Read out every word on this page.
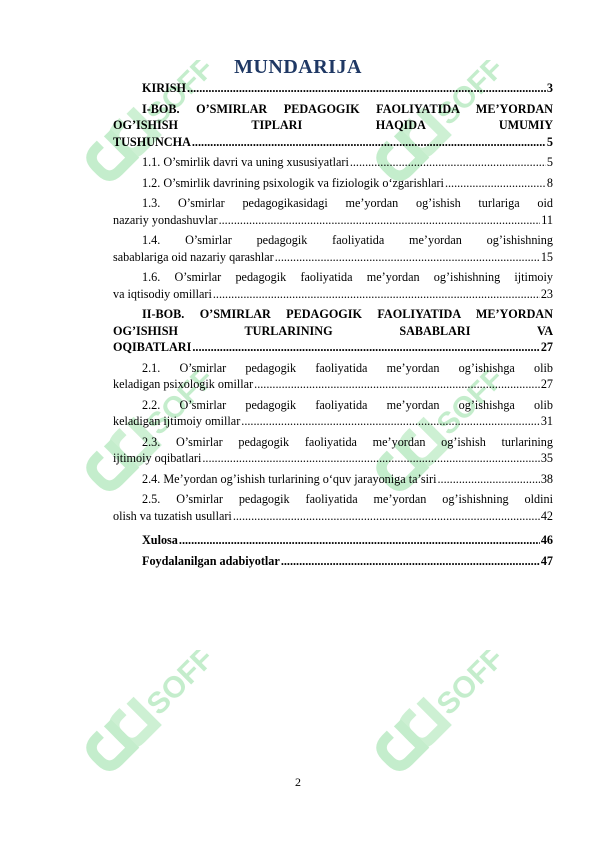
SOFF	SOFF
SOFF	SOFF
SOFF	SOFF
MUNDARIJA
KIRISH .....	3
I-BOB. O’SMIRLAR PEDAGOGIK FAOLIYATIDA ME’YORDAN OG’ISHISH TIPLARI HAQIDA UMUMIY
TUSHUNCHA .....	5
1.1. O’smirlik davri va uning xususiyatlari .....	5
1.2. O’smirlik davrining psixologik va fiziologik o‘zgarishlari .....	8
1.3. O’smirlar pedagogikasidagi me’yordan og’ishish turlariga oid
nazariy yondashuvlar .....	11
1.4. O’smirlar pedagogik faoliyatida me’yordan og’ishishning
sabablariga oid nazariy qarashlar .....	15
1.6. O’smirlar pedagogik faoliyatida me’yordan og’ishishning ijtimoiy
va iqtisodiy omillari .....	23
II-BOB. O’SMIRLAR PEDAGOGIK FAOLIYATIDA ME’YORDAN OG’ISHISH TURLARINING SABABLARI VA
OQIBATLARI .....	27
2.1. O’smirlar pedagogik faoliyatida me’yordan og’ishishga olib
keladigan psixologik omillar .....	27
2.2. O’smirlar pedagogik faoliyatida me’yordan og’ishishga olib
keladigan ijtimoiy omillar .....	31
2.3. O’smirlar pedagogik faoliyatida me’yordan og’ishish turlarining
ijtimoiy oqibatlari .....	35
2.4. Me’yordan og’ishish turlarining o‘quv jarayoniga ta’siri .....	38
2.5. O’smirlar pedagogik faoliyatida me’yordan og’ishishning oldini
olish va tuzatish usullari .....	42
Xulosa .....	46
Foydalanilgan adabiyotlar .....	47
2
